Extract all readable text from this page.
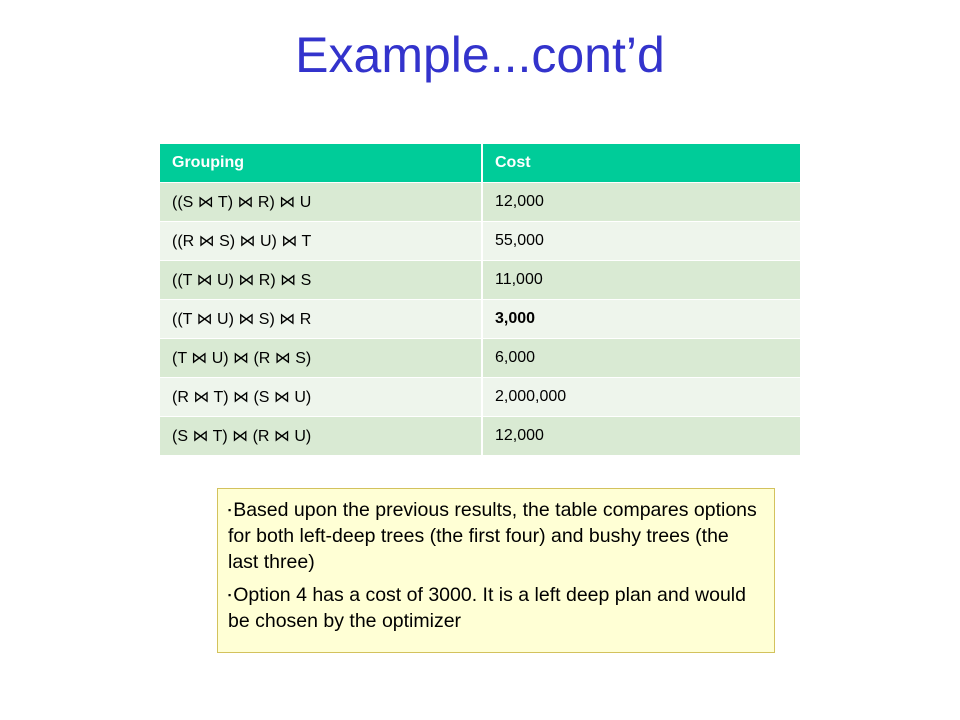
Example...cont’d
Grouping	Cost
((S ⋈ T) ⋈ R) ⋈ U	12,000
((R ⋈ S) ⋈ U) ⋈ T	55,000
((T ⋈ U) ⋈ R) ⋈ S	11,000
((T ⋈ U) ⋈ S) ⋈ R	3,000
(T ⋈ U) ⋈ (R ⋈ S)	6,000
(R ⋈ T) ⋈ (S ⋈ U)	2,000,000
(S ⋈ T) ⋈ (R ⋈ U)	12,000

▪ Based upon the previous results, the table compares options for both left-deep trees (the first four) and bushy trees (the last three)

▪ Option 4 has a cost of 3000. It is a left deep plan and would be chosen by the optimizer
